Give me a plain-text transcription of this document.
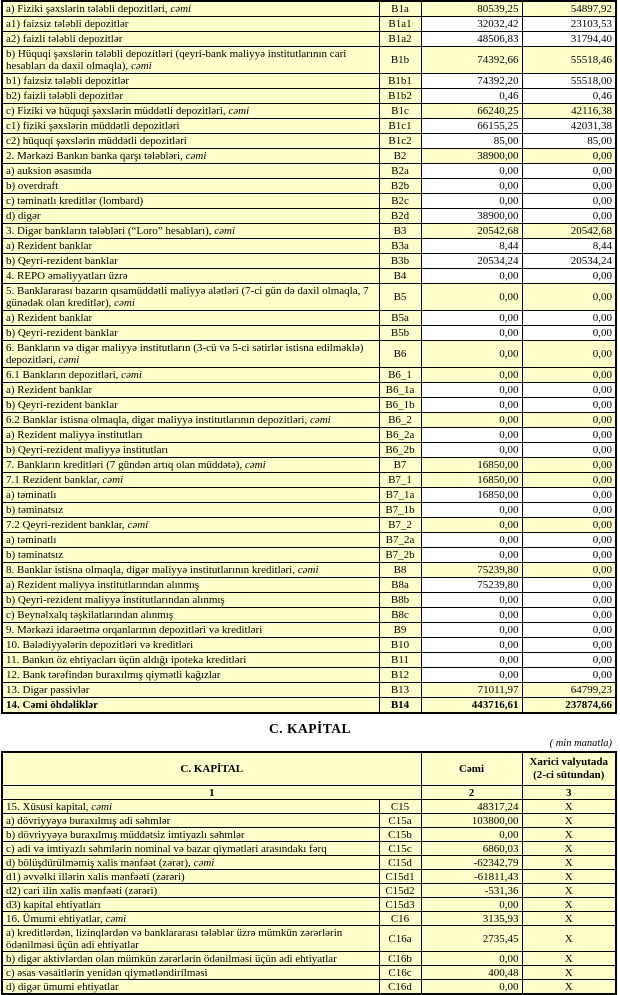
a) Fiziki şəxslərin tələbli depozitləri, cəmi	B1a	80539,25	54897,92
a1) faizsiz tələbli depozitlər	B1a1	32032,42	23103,53
a2) faizli tələbli depozitlər	B1a2	48506,83	31794,40
b) Hüquqi şəxslərin tələbli depozitləri (qeyri-bank maliyyə institutlarının cari hesabları da daxil olmaqla), cəmi	B1b	74392,66	55518,46
b1) faizsiz tələbli depozitlər	B1b1	74392,20	55518,00
b2) faizli tələbli depozitlər	B1b2	0,46	0,46
c) Fiziki və hüquqi şəxslərin müddətli depozitləri, cəmi	B1c	66240,25	42116,38
c1) fiziki şəxslərin müddətli depozitləri	B1c1	66155,25	42031,38
c2) hüquqi şəxslərin müddətli depozitləri	B1c2	85,00	85,00
2. Mərkəzi Bankın banka qarşı tələbləri, cəmi	B2	38900,00	0,00
a) auksion əsasında	B2a	0,00	0,00
b) overdraft	B2b	0,00	0,00
c) təminatlı kreditlər (lombard)	B2c	0,00	0,00
d) digər	B2d	38900,00	0,00
3. Digər bankların tələbləri (“Loro” hesabları), cəmi	B3	20542,68	20542,68
a) Rezident banklar	B3a	8,44	8,44
b) Qeyri-rezident banklar	B3b	20534,24	20534,24
4. REPO əməliyyatları üzrə	B4	0,00	0,00
5. Banklararası bazarın qısamüddətli maliyyə alətləri (7-ci gün də daxil olmaqla, 7 günədək olan kreditlər), cəmi	B5	0,00	0,00
a) Rezident banklar	B5a	0,00	0,00
b) Qeyri-rezident banklar	B5b	0,00	0,00
6. Bankların və digər maliyyə institutların (3-cü və 5-ci sətirlər istisna edilməklə) depozitləri, cəmi	B6	0,00	0,00
6.1 Bankların depozitləri, cəmi	B6_1	0,00	0,00
a) Rezident banklar	B6_1a	0,00	0,00
b) Qeyri-rezident banklar	B6_1b	0,00	0,00
6.2 Banklar istisna olmaqla, digər maliyyə institutlarının depozitləri, cəmi	B6_2	0,00	0,00
a) Rezident maliyyə institutları	B6_2a	0,00	0,00
b) Qeyri-rezident maliyyə institutları	B6_2b	0,00	0,00
7. Bankların kreditləri (7 gündən artıq olan müddətə), cəmi	B7	16850,00	0,00
7.1 Rezident banklar, cəmi	B7_1	16850,00	0,00
a) təminatlı	B7_1a	16850,00	0,00
b) təminatsız	B7_1b	0,00	0,00
7.2 Qeyri-rezident banklar, cəmi	B7_2	0,00	0,00
a) təminatlı	B7_2a	0,00	0,00
b) təminatsız	B7_2b	0,00	0,00
8. Banklar istisna olmaqla, digər maliyyə institutlarının kreditləri, cəmi	B8	75239,80	0,00
a) Rezident maliyyə institutlarından alınmış	B8a	75239,80	0,00
b) Qeyri-rezident maliyyə institutlarından alınmış	B8b	0,00	0,00
c) Beynəlxalq təşkilatlarından alınmış	B8c	0,00	0,00
9. Mərkəzi idarəetmə orqanlarının depozitləri və kreditləri	B9	0,00	0,00
10. Bələdiyyələrin depozitləri və kreditləri	B10	0,00	0,00
11. Bankın öz ehtiyacları üçün aldığı ipoteka kreditləri	B11	0,00	0,00
12. Bank tərəfindən buraxılmış qiymətli kağızlar	B12	0,00	0,00
13. Digər passivlər	B13	71011,97	64799,23
14. Cəmi öhdəliklər	B14	443716,61	237874,66
C. KAPİTAL
( min manatla)
C. KAPİTAL		Cəmi	Xarici valyutada (2-ci sütundan)
1		2	3
15. Xüsusi kapital, cəmi	C15	48317,24	X
a) dövriyyəyə buraxılmış adi səhmlər	C15a	103800,00	X
b) dövriyyəyə buraxılmış müddətsiz imtiyazlı səhmlər	C15b	0,00	X
c) adi və imtiyazlı səhmlərin nominal və bazar qiymətləri arasındakı fərq	C15c	6860,03	X
d) bölüşdürülməmiş xalis mənfəət (zərər), cəmi	C15d	-62342,79	X
d1) əvvəlki illərin xalis mənfəəti (zərəri)	C15d1	-61811,43	X
d2) cari ilin xalis mənfəəti (zərəri)	C15d2	-531,36	X
d3) kapital ehtiyatları	C15d3	0,00	X
16. Ümumi ehtiyatlar, cəmi	C16	3135,93	X
a) kreditlərdən, lizinqlərdən və banklararası tələblər üzrə mümkün zərərlərin ödənilməsi üçün adi ehtiyatlar	C16a	2735,45	X
b) digər aktivlərdən olan mümkün zərərlərin ödənilməsi üçün adi ehtiyatlar	C16b	0,00	X
c) əsas vəsaitlərin yenidən qiymətləndirilməsi	C16c	400,48	X
d) digər ümumi ehtiyatlar	C16d	0,00	X
